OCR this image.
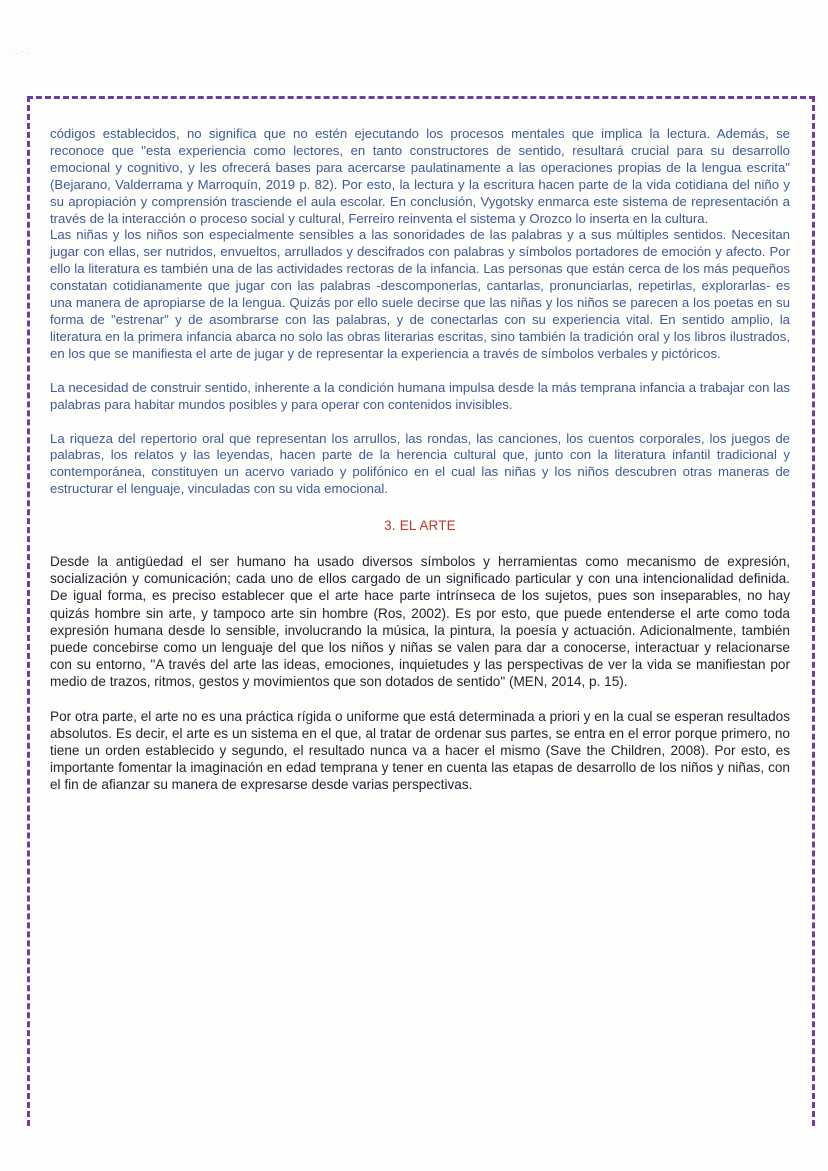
⁻ ˉ ⁻

códigos establecidos, no significa que no estén ejecutando los procesos mentales que implica la lectura. Además, se reconoce que "esta experiencia como lectores, en tanto constructores de sentido, resultará crucial para su desarrollo emocional y cognitivo, y les ofrecerá bases para acercarse paulatinamente a las operaciones propias de la lengua escrita" (Bejarano, Valderrama y Marroquín, 2019 p. 82). Por esto, la lectura y la escritura hacen parte de la vida cotidiana del niño y su apropiación y comprensión trasciende el aula escolar. En conclusión, Vygotsky enmarca este sistema de representación a través de la interacción o proceso social y cultural, Ferreiro reinventa el sistema y Orozco lo inserta en la cultura.

Las niñas y los niños son especialmente sensibles a las sonoridades de las palabras y a sus múltiples sentidos. Necesitan jugar con ellas, ser nutridos, envueltos, arrullados y descifrados con palabras y símbolos portadores de emoción y afecto. Por ello la literatura es también una de las actividades rectoras de la infancia. Las personas que están cerca de los más pequeños constatan cotidianamente que jugar con las palabras -descomponerlas, cantarlas, pronunciarlas, repetirlas, explorarlas- es una manera de apropiarse de la lengua. Quizás por ello suele decirse que las niñas y los niños se parecen a los poetas en su forma de "estrenar" y de asombrarse con las palabras, y de conectarlas con su experiencia vital. En sentido amplio, la literatura en la primera infancia abarca no solo las obras literarias escritas, sino también la tradición oral y los libros ilustrados, en los que se manifiesta el arte de jugar y de representar la experiencia a través de símbolos verbales y pictóricos.

La necesidad de construir sentido, inherente a la condición humana impulsa desde la más temprana infancia a trabajar con las palabras para habitar mundos posibles y para operar con contenidos invisibles.

La riqueza del repertorio oral que representan los arrullos, las rondas, las canciones, los cuentos corporales, los juegos de palabras, los relatos y las leyendas, hacen parte de la herencia cultural que, junto con la literatura infantil tradicional y contemporánea, constituyen un acervo variado y polifónico en el cual las niñas y los niños descubren otras maneras de estructurar el lenguaje, vinculadas con su vida emocional.

3. EL ARTE

Desde la antigüedad el ser humano ha usado diversos símbolos y herramientas como mecanismo de expresión, socialización y comunicación; cada uno de ellos cargado de un significado particular y con una intencionalidad definida. De igual forma, es preciso establecer que el arte hace parte intrínseca de los sujetos, pues son inseparables, no hay quizás hombre sin arte, y tampoco arte sin hombre (Ros, 2002). Es por esto, que puede entenderse el arte como toda expresión humana desde lo sensible, involucrando la música, la pintura, la poesía y actuación. Adicionalmente, también puede concebirse como un lenguaje del que los niños y niñas se valen para dar a conocerse, interactuar y relacionarse con su entorno, "A través del arte las ideas, emociones, inquietudes y las perspectivas de ver la vida se manifiestan por medio de trazos, ritmos, gestos y movimientos que son dotados de sentido" (MEN, 2014, p. 15).

Por otra parte, el arte no es una práctica rígida o uniforme que está determinada a priori y en la cual se esperan resultados absolutos. Es decir, el arte es un sistema en el que, al tratar de ordenar sus partes, se entra en el error porque primero, no tiene un orden establecido y segundo, el resultado nunca va a hacer el mismo (Save the Children, 2008). Por esto, es importante fomentar la imaginación en edad temprana y tener en cuenta las etapas de desarrollo de los niños y niñas, con el fin de afianzar su manera de expresarse desde varias perspectivas.
